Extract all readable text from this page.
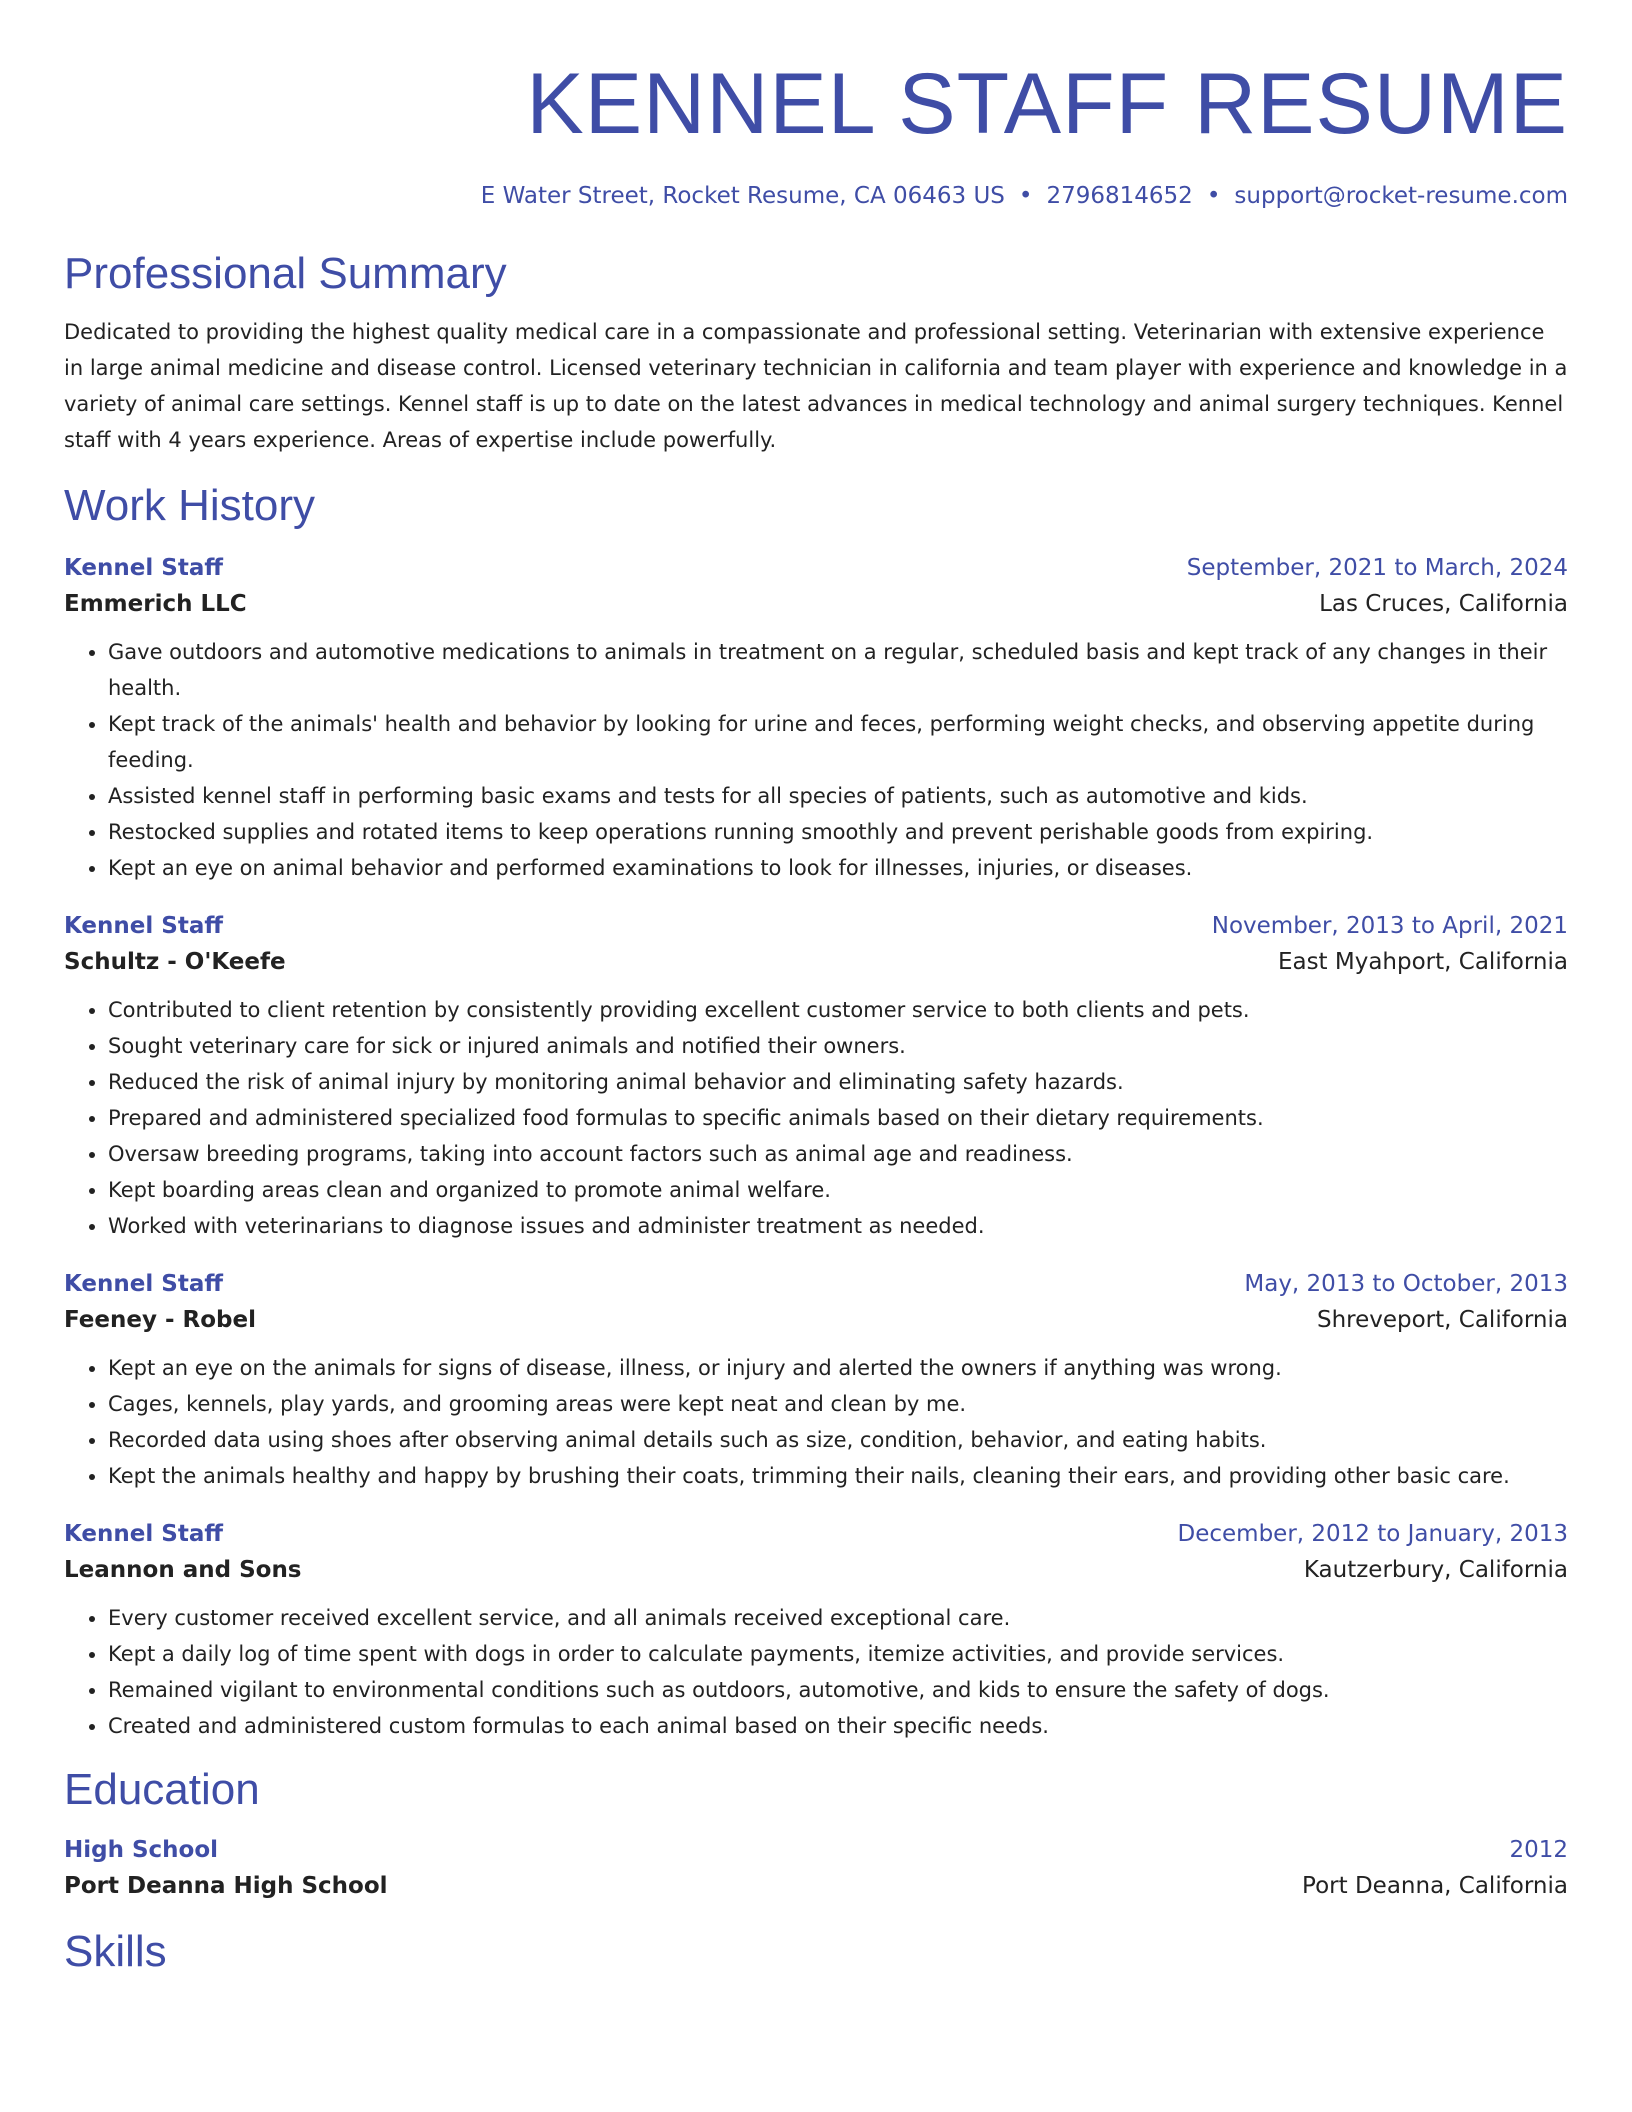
KENNEL STAFF RESUME
E Water Street, Rocket Resume, CA 06463 US • 2796814652 • support@rocket-resume.com
Professional Summary
Dedicated to providing the highest quality medical care in a compassionate and professional setting. Veterinarian with extensive experience in large animal medicine and disease control. Licensed veterinary technician in california and team player with experience and knowledge in a variety of animal care settings. Kennel staff is up to date on the latest advances in medical technology and animal surgery techniques. Kennel staff with 4 years experience. Areas of expertise include powerfully.
Work History
Kennel Staff	September, 2021 to March, 2024
Emmerich LLC	Las Cruces, California
• Gave outdoors and automotive medications to animals in treatment on a regular, scheduled basis and kept track of any changes in their health.
• Kept track of the animals' health and behavior by looking for urine and feces, performing weight checks, and observing appetite during feeding.
• Assisted kennel staff in performing basic exams and tests for all species of patients, such as automotive and kids.
• Restocked supplies and rotated items to keep operations running smoothly and prevent perishable goods from expiring.
• Kept an eye on animal behavior and performed examinations to look for illnesses, injuries, or diseases.
Kennel Staff	November, 2013 to April, 2021
Schultz - O'Keefe	East Myahport, California
• Contributed to client retention by consistently providing excellent customer service to both clients and pets.
• Sought veterinary care for sick or injured animals and notified their owners.
• Reduced the risk of animal injury by monitoring animal behavior and eliminating safety hazards.
• Prepared and administered specialized food formulas to specific animals based on their dietary requirements.
• Oversaw breeding programs, taking into account factors such as animal age and readiness.
• Kept boarding areas clean and organized to promote animal welfare.
• Worked with veterinarians to diagnose issues and administer treatment as needed.
Kennel Staff	May, 2013 to October, 2013
Feeney - Robel	Shreveport, California
• Kept an eye on the animals for signs of disease, illness, or injury and alerted the owners if anything was wrong.
• Cages, kennels, play yards, and grooming areas were kept neat and clean by me.
• Recorded data using shoes after observing animal details such as size, condition, behavior, and eating habits.
• Kept the animals healthy and happy by brushing their coats, trimming their nails, cleaning their ears, and providing other basic care.
Kennel Staff	December, 2012 to January, 2013
Leannon and Sons	Kautzerbury, California
• Every customer received excellent service, and all animals received exceptional care.
• Kept a daily log of time spent with dogs in order to calculate payments, itemize activities, and provide services.
• Remained vigilant to environmental conditions such as outdoors, automotive, and kids to ensure the safety of dogs.
• Created and administered custom formulas to each animal based on their specific needs.
Education
High School	2012
Port Deanna High School	Port Deanna, California
Skills
